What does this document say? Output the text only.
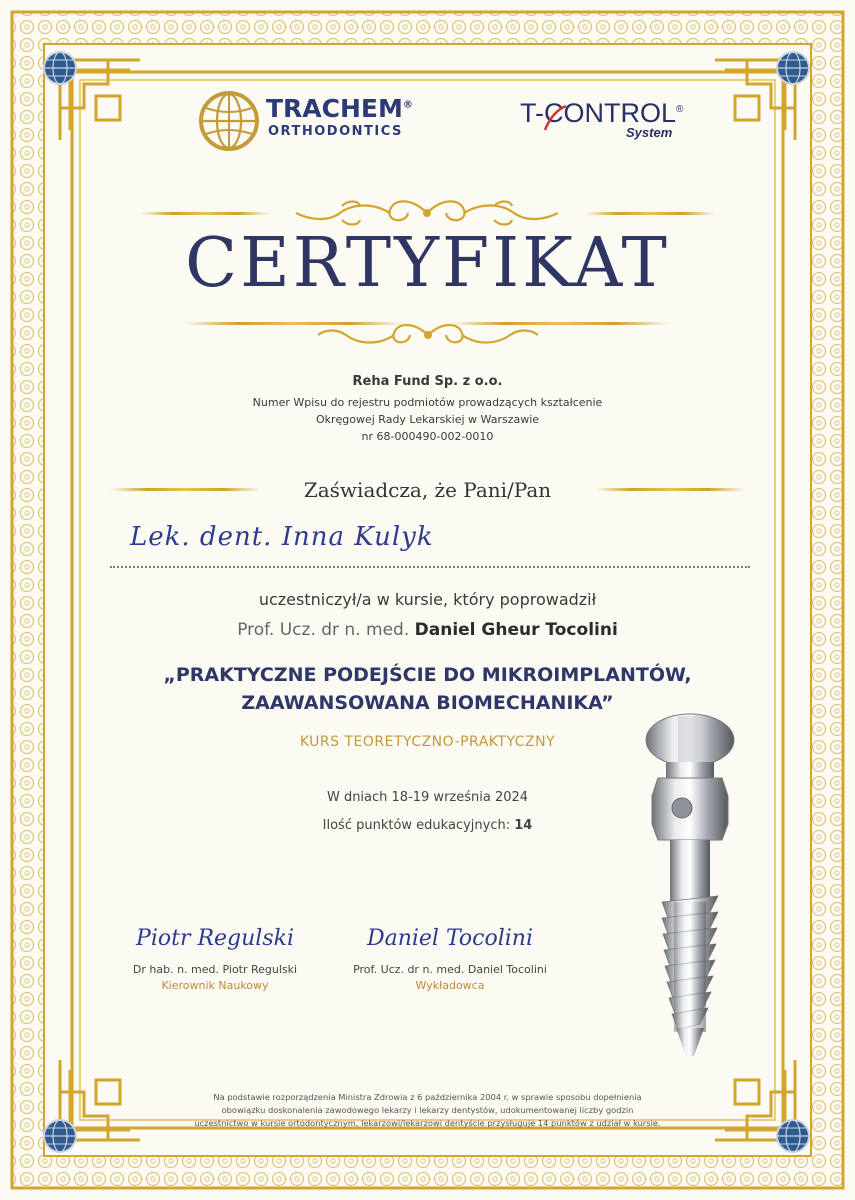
TRACHEM®
ORTHODONTICS
T-CONTROL®
System
CERTYFIKAT
Reha Fund Sp. z o.o.
Numer Wpisu do rejestru podmiotów prowadzących kształcenie
Okręgowej Rady Lekarskiej w Warszawie
nr 68-000490-002-0010
Zaświadcza, że Pani/Pan
Lek. dent. Inna Kulyk
uczestniczył/a w kursie, który poprowadził
Prof. Ucz. dr n. med. Daniel Gheur Tocolini
„PRAKTYCZNE PODEJŚCIE DO MIKROIMPLANTÓW,
ZAAWANSOWANA BIOMECHANIKA”
KURS TEORETYCZNO-PRAKTYCZNY
W dniach 18-19 września 2024
Ilość punktów edukacyjnych: 14
Piotr Regulski
Dr hab. n. med. Piotr Regulski
Kierownik Naukowy
Daniel Tocolini
Prof. Ucz. dr n. med. Daniel Tocolini
Wykładowca
Na podstawie rozporządzenia Ministra Zdrowia z 6 października 2004 r. w sprawie sposobu dopełnienia
obowiązku doskonalenia zawodowego lekarzy i lekarzy dentystów, udokumentowanej liczby godzin
uczestnictwo w kursie ortodontycznym, lekarzowi/lekarzowi dentyście przysługuje 14 punktów z udział w kursie.
